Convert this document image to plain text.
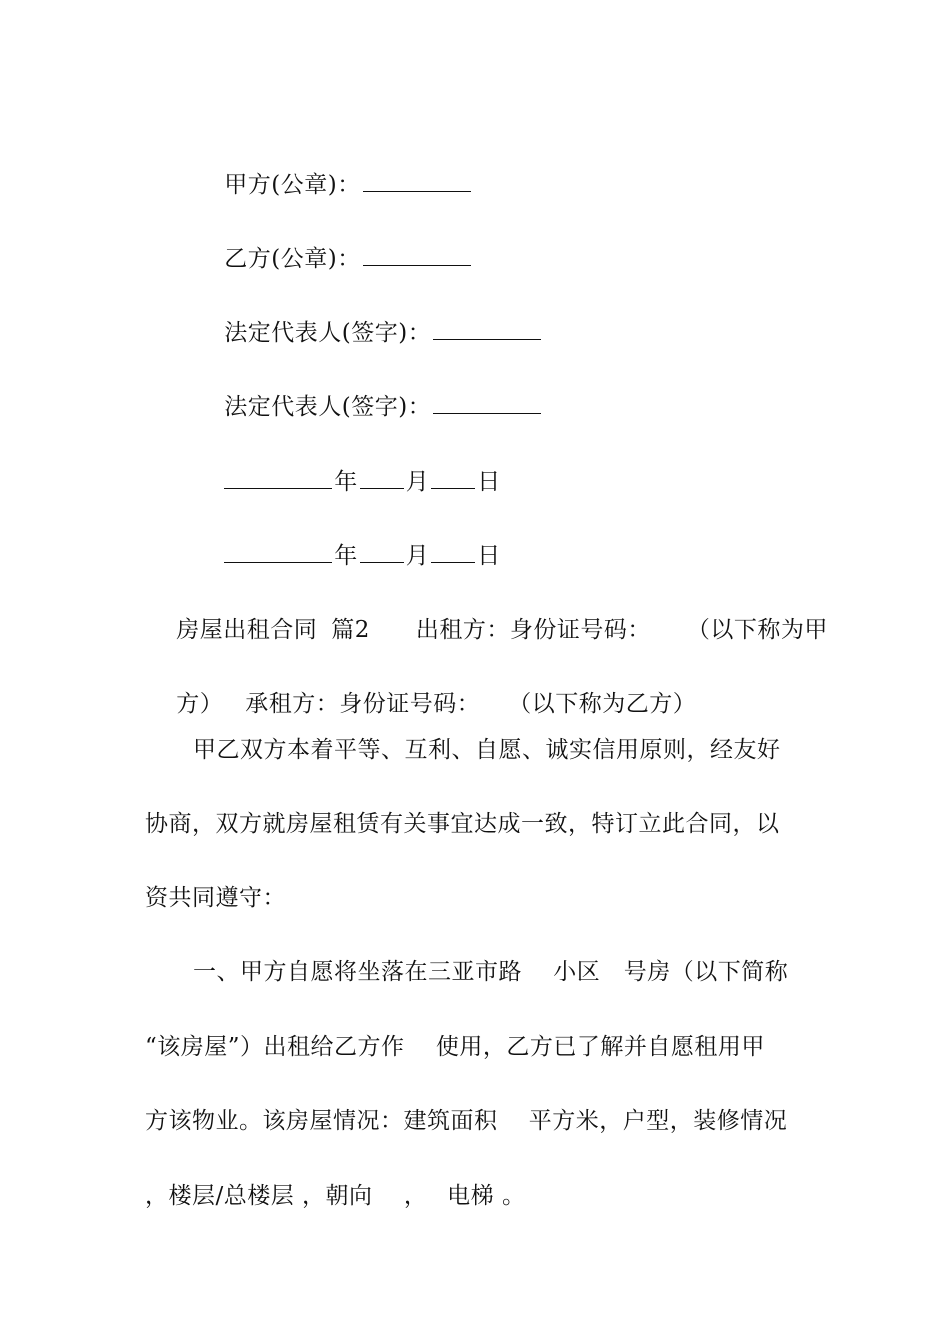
甲方(公章)：

乙方(公章)：

法定代表人(签字)：

法定代表人(签字)：

年 月 日

年 月 日

房屋出租合同 篇2 出租方：身份证号码： （以下称为甲

方） 承租方：身份证号码： （以下称为乙方）

甲乙双方本着平等、互利、自愿、诚实信用原则，经友好
协商，双方就房屋租赁有关事宜达成一致，特订立此合同，以
资共同遵守：
一、甲方自愿将坐落在三亚市路　 小区　号房（以下简称
“该房屋”）出租给乙方作　 使用，乙方已了解并自愿租用甲
方该物业。该房屋情况：建筑面积　 平方米，户型，装修情况
，楼层/总楼层 ，朝向　 ，　 电梯 。
